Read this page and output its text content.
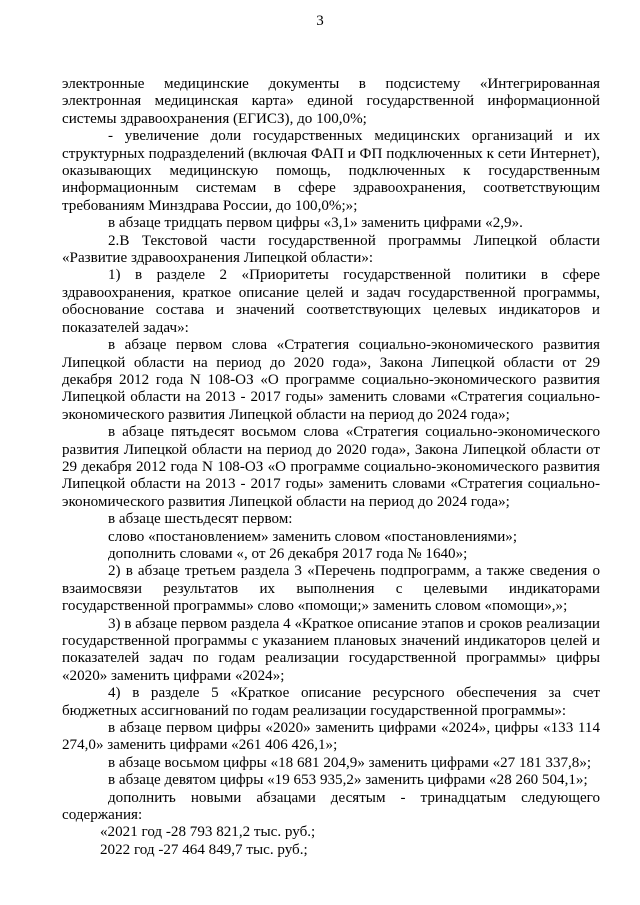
3

электронные медицинские документы в подсистему «Интегрированная электронная медицинская карта» единой государственной информационной системы здравоохранения (ЕГИСЗ), до 100,0%;

- увеличение доли государственных медицинских организаций и их структурных подразделений (включая ФАП и ФП подключенных к сети Интернет), оказывающих медицинскую помощь, подключенных к государственным информационным системам в сфере здравоохранения, соответствующим требованиям Минздрава России, до 100,0%;»;

в абзаце тридцать первом цифры «3,1» заменить цифрами «2,9».

2.В Текстовой части государственной программы Липецкой области «Развитие здравоохранения Липецкой области»:

1) в разделе 2 «Приоритеты государственной политики в сфере здравоохранения, краткое описание целей и задач государственной программы, обоснование состава и значений соответствующих целевых индикаторов и показателей задач»:

в абзаце первом слова «Стратегия социально-экономического развития Липецкой области на период до 2020 года», Закона Липецкой области от 29 декабря 2012 года N 108-ОЗ «О программе социально-экономического развития Липецкой области на 2013 - 2017 годы» заменить словами «Стратегия социально-экономического развития Липецкой области на период до 2024 года»;

в абзаце пятьдесят восьмом слова «Стратегия социально-экономического развития Липецкой области на период до 2020 года», Закона Липецкой области от 29 декабря 2012 года N 108-ОЗ «О программе социально-экономического развития Липецкой области на 2013 - 2017 годы» заменить словами «Стратегия социально-экономического развития Липецкой области на период до 2024 года»;

в абзаце шестьдесят первом:

слово «постановлением» заменить словом «постановлениями»;

дополнить словами «, от 26 декабря 2017 года № 1640»;

2) в абзаце третьем раздела 3 «Перечень подпрограмм, а также сведения о взаимосвязи результатов их выполнения с целевыми индикаторами государственной программы» слово «помощи;» заменить словом «помощи»,»;

3) в абзаце первом раздела 4 «Краткое описание этапов и сроков реализации государственной программы с указанием плановых значений индикаторов целей и показателей задач по годам реализации государственной программы» цифры «2020» заменить цифрами «2024»;

4) в разделе 5 «Краткое описание ресурсного обеспечения за счет бюджетных ассигнований по годам реализации государственной программы»:

в абзаце первом цифры «2020» заменить цифрами «2024», цифры «133 114 274,0» заменить цифрами «261 406 426,1»;

в абзаце восьмом цифры «18 681 204,9» заменить цифрами «27 181 337,8»;

в абзаце девятом цифры «19 653 935,2» заменить цифрами «28 260 504,1»;

дополнить новыми абзацами десятым - тринадцатым следующего содержания:

«2021 год -28 793 821,2 тыс. руб.;

2022 год -27 464 849,7 тыс. руб.;
